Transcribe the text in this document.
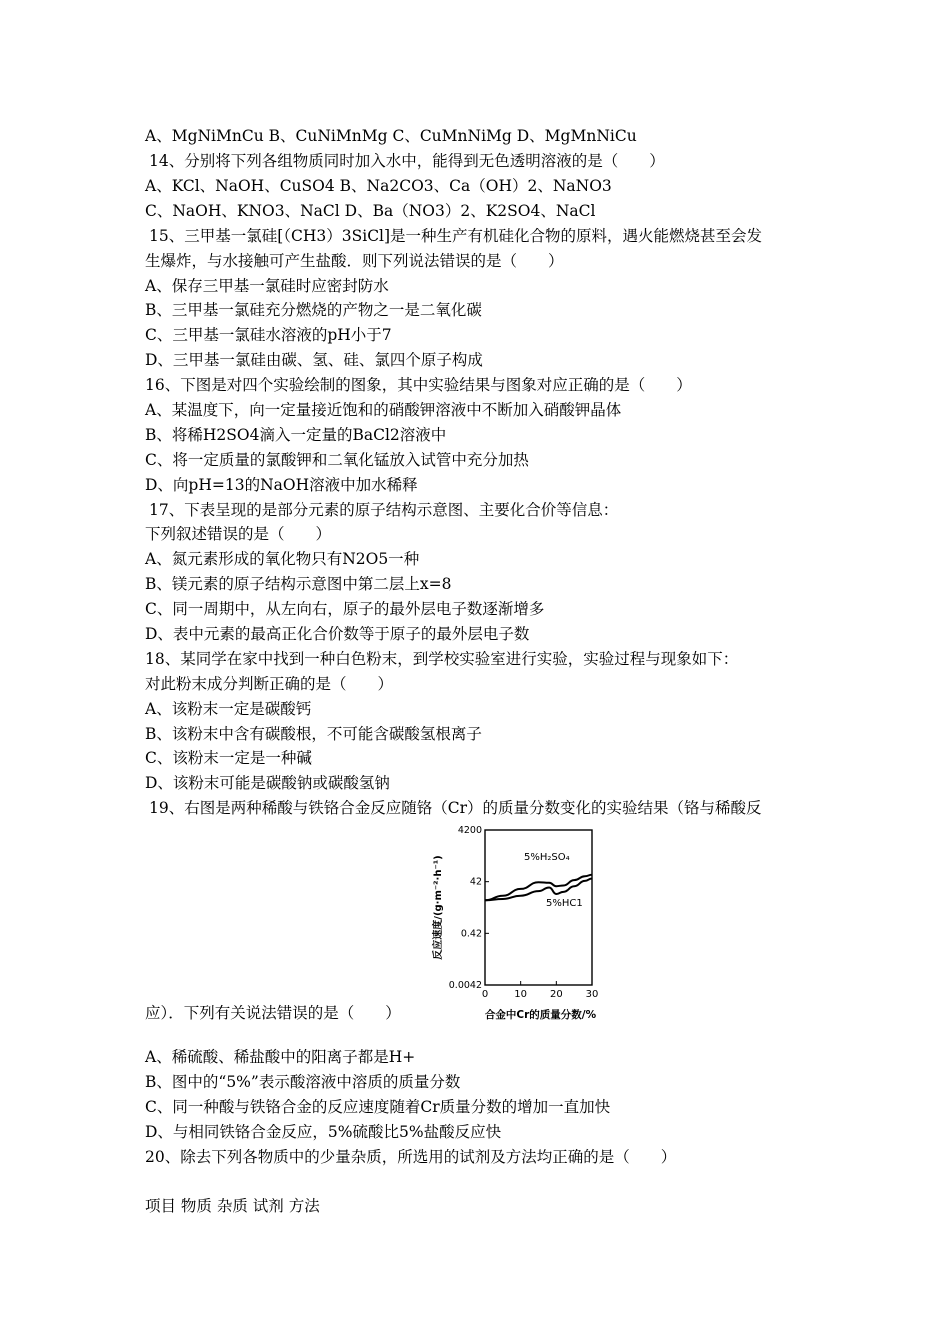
A、MgNiMnCu B、CuNiMnMg C、CuMnNiMg D、MgMnNiCu
14、分别将下列各组物质同时加入水中，能得到无色透明溶液的是（　　）
A、KCl、NaOH、CuSO4 B、Na2CO3、Ca（OH）2、NaNO3
C、NaOH、KNO3、NaCl D、Ba（NO3）2、K2SO4、NaCl
15、三甲基一氯硅[（CH3）3SiCl]是一种生产有机硅化合物的原料，遇火能燃烧甚至会发
生爆炸，与水接触可产生盐酸．则下列说法错误的是（　　）
A、保存三甲基一氯硅时应密封防水
B、三甲基一氯硅充分燃烧的产物之一是二氧化碳
C、三甲基一氯硅水溶液的pH小于7
D、三甲基一氯硅由碳、氢、硅、氯四个原子构成
16、下图是对四个实验绘制的图象，其中实验结果与图象对应正确的是（　　）
A、某温度下，向一定量接近饱和的硝酸钾溶液中不断加入硝酸钾晶体
B、将稀H2SO4滴入一定量的BaCl2溶液中
C、将一定质量的氯酸钾和二氧化锰放入试管中充分加热
D、向pH=13的NaOH溶液中加水稀释
17、下表呈现的是部分元素的原子结构示意图、主要化合价等信息：
下列叙述错误的是（　　）
A、氮元素形成的氧化物只有N2O5一种
B、镁元素的原子结构示意图中第二层上x=8
C、同一周期中，从左向右，原子的最外层电子数逐渐增多
D、表中元素的最高正化合价数等于原子的最外层电子数
18、某同学在家中找到一种白色粉末，到学校实验室进行实验，实验过程与现象如下：
对此粉末成分判断正确的是（　　）
A、该粉末一定是碳酸钙
B、该粉末中含有碳酸根，不可能含碳酸氢根离子
C、该粉末一定是一种碱
D、该粉末可能是碳酸钠或碳酸氢钠
19、右图是两种稀酸与铁铬合金反应随铬（Cr）的质量分数变化的实验结果（铬与稀酸反
4200
42
0.42
0.0042
0	10 20 30
合金中Cr的质量分数/%
反应速度/(g·m⁻²·h⁻¹)	5%H₂SO₄
5%HC1
应）．下列有关说法错误的是（　　）
A、稀硫酸、稀盐酸中的阳离子都是H+
B、图中的“5%”表示酸溶液中溶质的质量分数
C、同一种酸与铁铬合金的反应速度随着Cr质量分数的增加一直加快
D、与相同铁铬合金反应，5%硫酸比5%盐酸反应快
20、除去下列各物质中的少量杂质，所选用的试剂及方法均正确的是（　　）
项目 物质 杂质 试剂 方法
